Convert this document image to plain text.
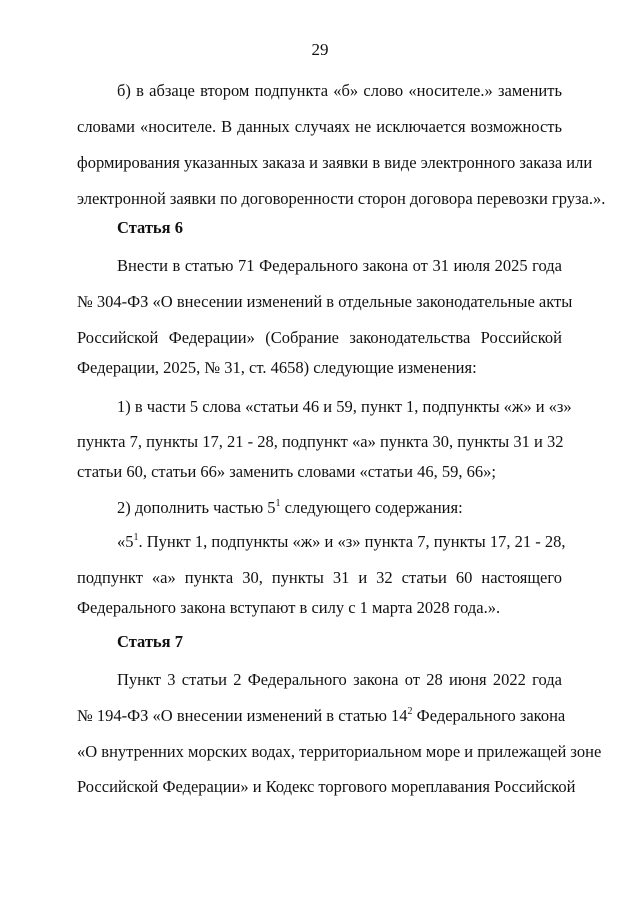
29
б) в абзаце втором подпункта «б» слово «носителе.» заменить
словами «носителе. В данных случаях не исключается возможность
формирования указанных заказа и заявки в виде электронного заказа или
электронной заявки по договоренности сторон договора перевозки груза.».
Статья 6
Внести в статью 71 Федерального закона от 31 июля 2025 года
№ 304-ФЗ «О внесении изменений в отдельные законодательные акты
Российской Федерации» (Собрание законодательства Российской
Федерации, 2025, № 31, ст. 4658) следующие изменения:
1) в части 5 слова «статьи 46 и 59, пункт 1, подпункты «ж» и «з»
пункта 7, пункты 17, 21 - 28, подпункт «а» пункта 30, пункты 31 и 32
статьи 60, статьи 66» заменить словами «статьи 46, 59, 66»;
2) дополнить частью $5^1$ следующего содержания:
«$5^1$. Пункт 1, подпункты «ж» и «з» пункта 7, пункты 17, 21 - 28,
подпункт «а» пункта 30, пункты 31 и 32 статьи 60 настоящего
Федерального закона вступают в силу с 1 марта 2028 года.».
Статья 7
Пункт 3 статьи 2 Федерального закона от 28 июня 2022 года
№ 194-ФЗ «О внесении изменений в статью $14^2$ Федерального закона
«О внутренних морских водах, территориальном море и прилежащей зоне
Российской Федерации» и Кодекс торгового мореплавания Российской
